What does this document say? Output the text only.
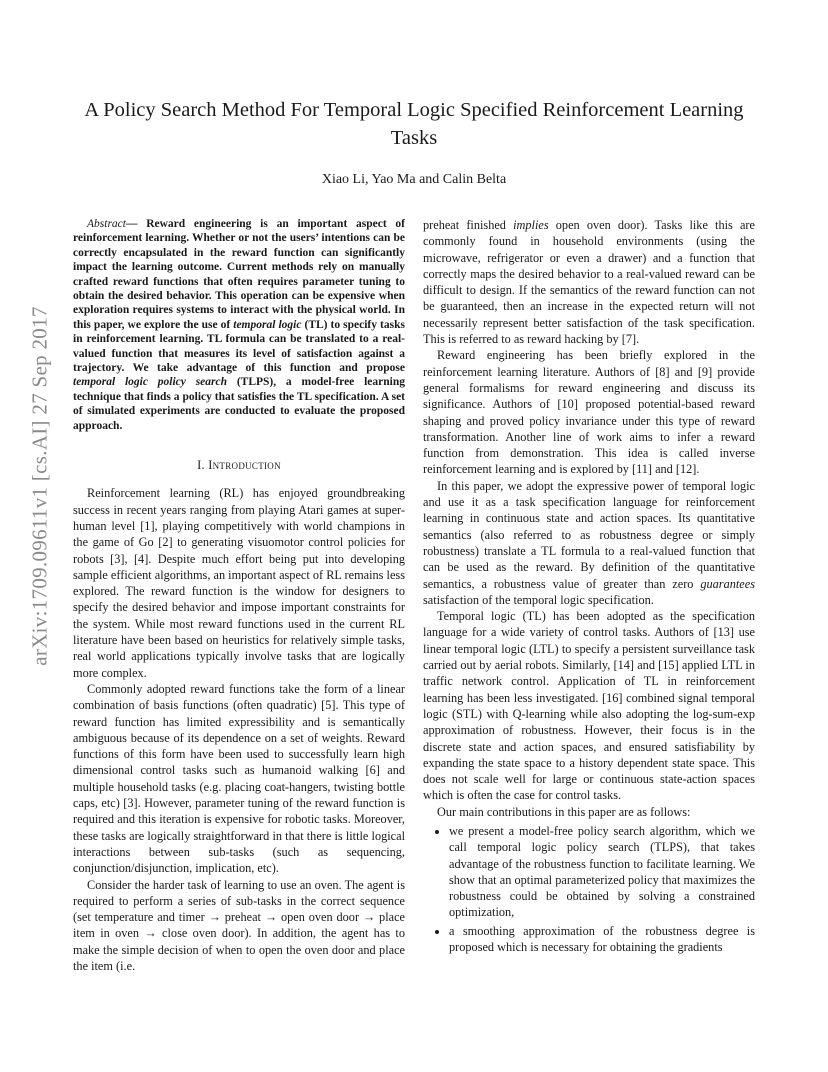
A Policy Search Method For Temporal Logic Specified Reinforcement Learning Tasks
Xiao Li, Yao Ma and Calin Belta
arXiv:1709.09611v1 [cs.AI] 27 Sep 2017

Abstract— Reward engineering is an important aspect of reinforcement learning. Whether or not the users’ intentions can be correctly encapsulated in the reward function can significantly impact the learning outcome. Current methods rely on manually crafted reward functions that often requires parameter tuning to obtain the desired behavior. This operation can be expensive when exploration requires systems to interact with the physical world. In this paper, we explore the use of temporal logic (TL) to specify tasks in reinforcement learning. TL formula can be translated to a real-valued function that measures its level of satisfaction against a trajectory. We take advantage of this function and propose temporal logic policy search (TLPS), a model-free learning technique that finds a policy that satisfies the TL specification. A set of simulated experiments are conducted to evaluate the proposed approach.

I. Introduction

Reinforcement learning (RL) has enjoyed groundbreaking success in recent years ranging from playing Atari games at super-human level [1], playing competitively with world champions in the game of Go [2] to generating visuomotor control policies for robots [3], [4]. Despite much effort being put into developing sample efficient algorithms, an important aspect of RL remains less explored. The reward function is the window for designers to specify the desired behavior and impose important constraints for the system. While most reward functions used in the current RL literature have been based on heuristics for relatively simple tasks, real world applications typically involve tasks that are logically more complex.

Commonly adopted reward functions take the form of a linear combination of basis functions (often quadratic) [5]. This type of reward function has limited expressibility and is semantically ambiguous because of its dependence on a set of weights. Reward functions of this form have been used to successfully learn high dimensional control tasks such as humanoid walking [6] and multiple household tasks (e.g. placing coat-hangers, twisting bottle caps, etc) [3]. However, parameter tuning of the reward function is required and this iteration is expensive for robotic tasks. Moreover, these tasks are logically straightforward in that there is little logical interactions between sub-tasks (such as sequencing, conjunction/disjunction, implication, etc).

Consider the harder task of learning to use an oven. The agent is required to perform a series of sub-tasks in the correct sequence (set temperature and timer → preheat → open oven door → place item in oven → close oven door). In addition, the agent has to make the simple decision of when to open the oven door and place the item (i.e.

preheat finished implies open oven door). Tasks like this are commonly found in household environments (using the microwave, refrigerator or even a drawer) and a function that correctly maps the desired behavior to a real-valued reward can be difficult to design. If the semantics of the reward function can not be guaranteed, then an increase in the expected return will not necessarily represent better satisfaction of the task specification. This is referred to as reward hacking by [7].

Reward engineering has been briefly explored in the reinforcement learning literature. Authors of [8] and [9] provide general formalisms for reward engineering and discuss its significance. Authors of [10] proposed potential-based reward shaping and proved policy invariance under this type of reward transformation. Another line of work aims to infer a reward function from demonstration. This idea is called inverse reinforcement learning and is explored by [11] and [12].

In this paper, we adopt the expressive power of temporal logic and use it as a task specification language for reinforcement learning in continuous state and action spaces. Its quantitative semantics (also referred to as robustness degree or simply robustness) translate a TL formula to a real-valued function that can be used as the reward. By definition of the quantitative semantics, a robustness value of greater than zero guarantees satisfaction of the temporal logic specification.

Temporal logic (TL) has been adopted as the specification language for a wide variety of control tasks. Authors of [13] use linear temporal logic (LTL) to specify a persistent surveillance task carried out by aerial robots. Similarly, [14] and [15] applied LTL in traffic network control. Application of TL in reinforcement learning has been less investigated. [16] combined signal temporal logic (STL) with Q-learning while also adopting the log-sum-exp approximation of robustness. However, their focus is in the discrete state and action spaces, and ensured satisfiability by expanding the state space to a history dependent state space. This does not scale well for large or continuous state-action spaces which is often the case for control tasks.

Our main contributions in this paper are as follows:

• we present a model-free policy search algorithm, which we call temporal logic policy search (TLPS), that takes advantage of the robustness function to facilitate learning. We show that an optimal parameterized policy that maximizes the robustness could be obtained by solving a constrained optimization,
• a smoothing approximation of the robustness degree is proposed which is necessary for obtaining the gradients
